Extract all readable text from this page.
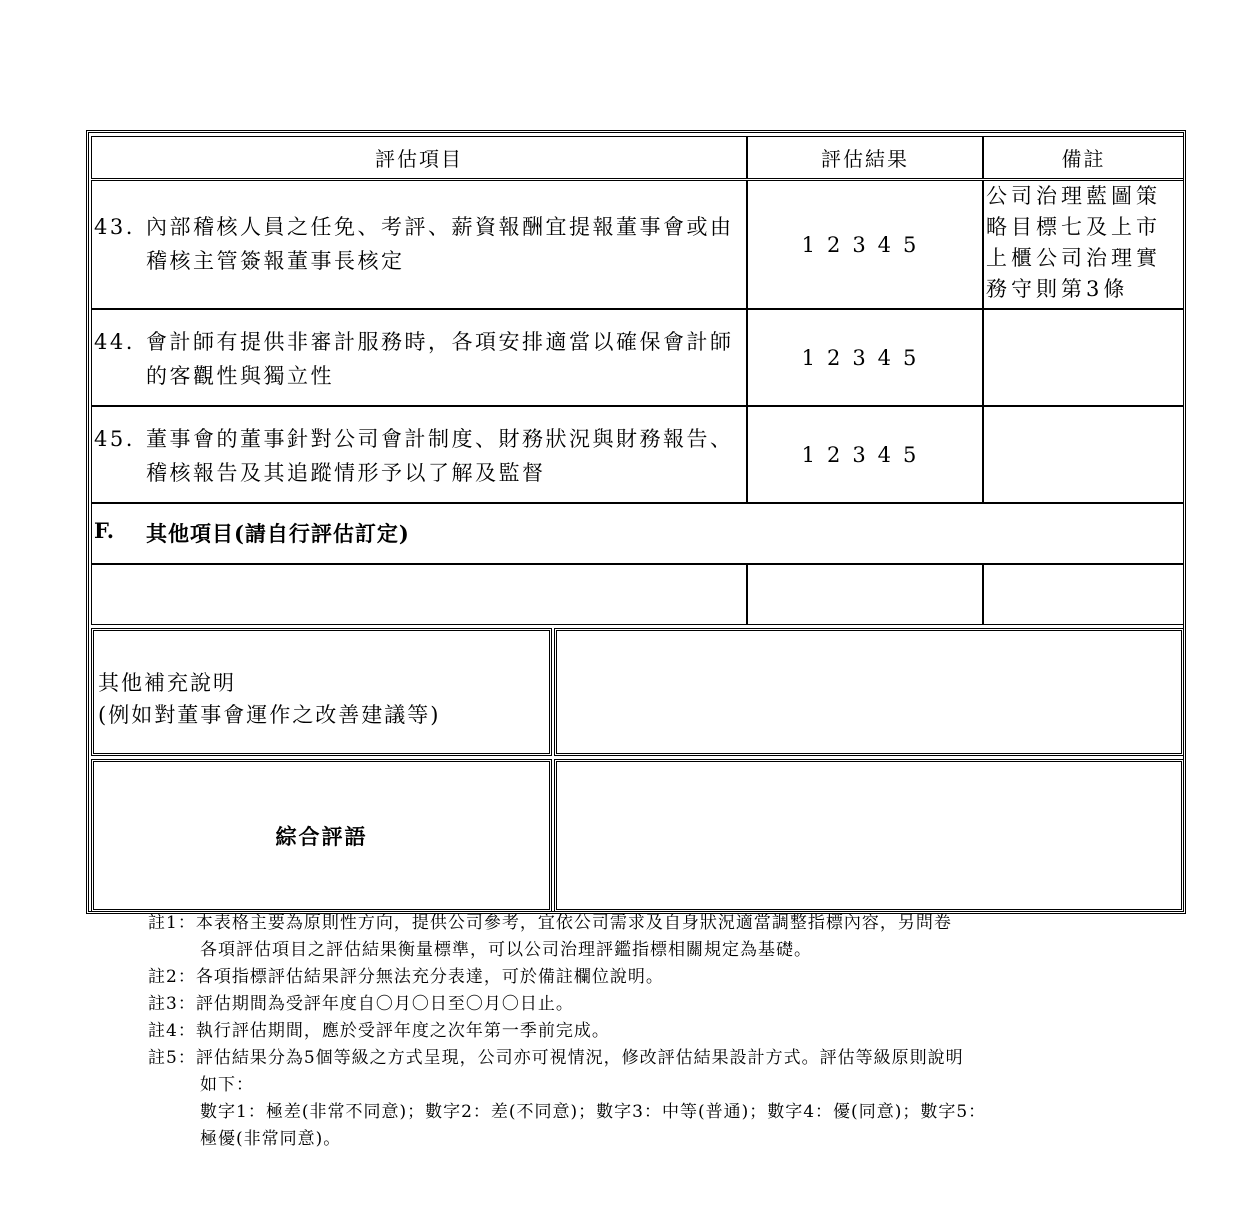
評估項目	評估結果	備註
43. 內部稽核人員之任免、考評、薪資報酬宜提報董事會或由稽核主管簽報董事長核定
12345
公司治理藍圖策略目標七及上市上櫃公司治理實務守則第3條
44. 會計師有提供非審計服務時，各項安排適當以確保會計師的客觀性與獨立性
12345
45. 董事會的董事針對公司會計制度、財務狀況與財務報告、稽核報告及其追蹤情形予以了解及監督
12345
F. 其他項目(請自行評估訂定)
其他補充說明
(例如對董事會運作之改善建議等)
綜合評語
註1：本表格主要為原則性方向，提供公司參考，宜依公司需求及自身狀況適當調整指標內容，另問卷
各項評估項目之評估結果衡量標準，可以公司治理評鑑指標相關規定為基礎。
註2：各項指標評估結果評分無法充分表達，可於備註欄位說明。
註3：評估期間為受評年度自〇月〇日至〇月〇日止。
註4：執行評估期間，應於受評年度之次年第一季前完成。
註5：評估結果分為5個等級之方式呈現，公司亦可視情況，修改評估結果設計方式。評估等級原則說明
如下：
數字1：極差(非常不同意)；數字2：差(不同意)；數字3：中等(普通)；數字4：優(同意)；數字5：
極優(非常同意)。
